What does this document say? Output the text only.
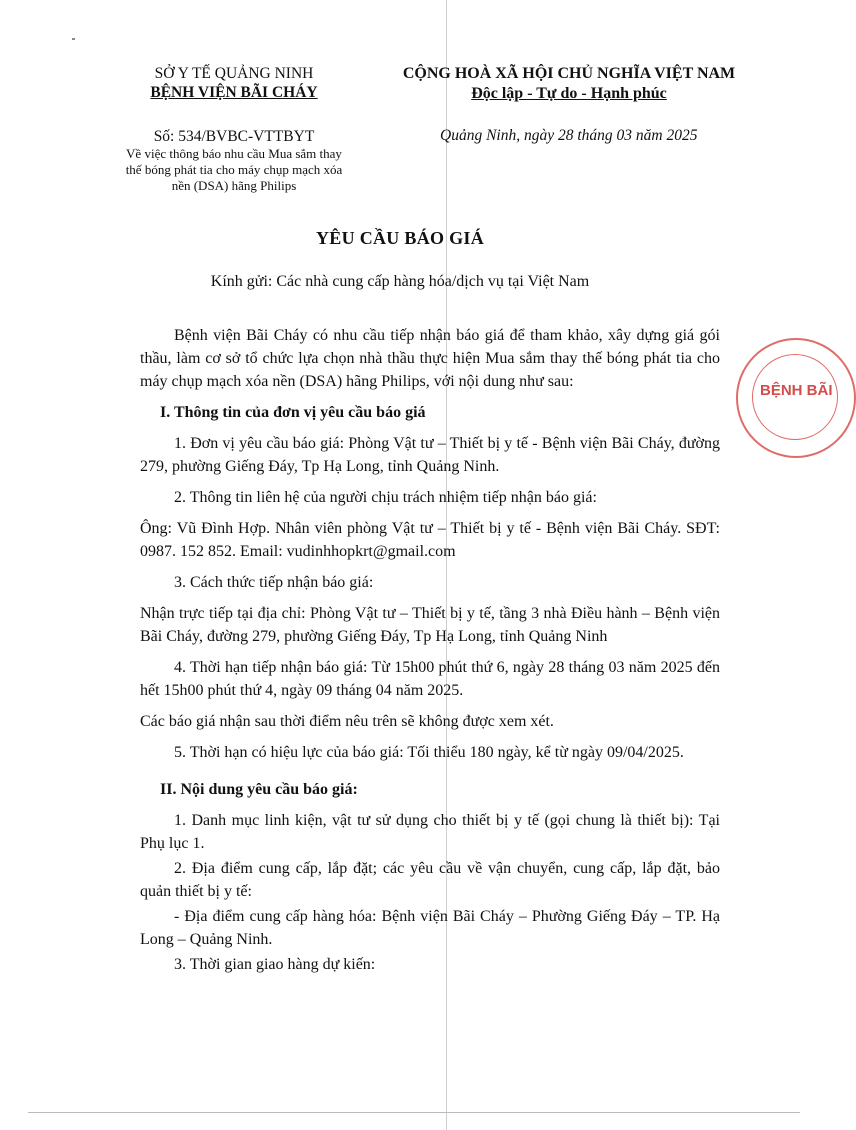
SỞ Y TẾ QUẢNG NINH
BỆNH VIỆN BÃI CHÁY
CỘNG HOÀ XÃ HỘI CHỦ NGHĨA VIỆT NAM
Độc lập - Tự do - Hạnh phúc
Số: 534/BVBC-VTTBYT
Về việc thông báo nhu cầu Mua sắm thay thế bóng phát tia cho máy chụp mạch xóa nền (DSA) hãng Philips
Quảng Ninh, ngày 28 tháng 03 năm 2025
YÊU CẦU BÁO GIÁ
Kính gửi: Các nhà cung cấp hàng hóa/dịch vụ tại Việt Nam

Bệnh viện Bãi Cháy có nhu cầu tiếp nhận báo giá để tham khảo, xây dựng giá gói thầu, làm cơ sở tổ chức lựa chọn nhà thầu thực hiện Mua sắm thay thế bóng phát tia cho máy chụp mạch xóa nền (DSA) hãng Philips, với nội dung như sau:

I. Thông tin của đơn vị yêu cầu báo giá

1. Đơn vị yêu cầu báo giá: Phòng Vật tư – Thiết bị y tế - Bệnh viện Bãi Cháy, đường 279, phường Giếng Đáy, Tp Hạ Long, tỉnh Quảng Ninh.

2. Thông tin liên hệ của người chịu trách nhiệm tiếp nhận báo giá:

Ông: Vũ Đình Hợp. Nhân viên phòng Vật tư – Thiết bị y tế - Bệnh viện Bãi Cháy. SĐT: 0987. 152 852. Email: vudinhhopkrt@gmail.com

3. Cách thức tiếp nhận báo giá:

Nhận trực tiếp tại địa chỉ: Phòng Vật tư – Thiết bị y tế, tầng 3 nhà Điều hành – Bệnh viện Bãi Cháy, đường 279, phường Giếng Đáy, Tp Hạ Long, tỉnh Quảng Ninh

4. Thời hạn tiếp nhận báo giá: Từ 15h00 phút thứ 6, ngày 28 tháng 03 năm 2025 đến hết 15h00 phút thứ 4, ngày 09 tháng 04 năm 2025.

Các báo giá nhận sau thời điểm nêu trên sẽ không được xem xét.

5. Thời hạn có hiệu lực của báo giá: Tối thiểu 180 ngày, kể từ ngày 09/04/2025.

II. Nội dung yêu cầu báo giá:

1. Danh mục linh kiện, vật tư sử dụng cho thiết bị y tế (gọi chung là thiết bị): Tại Phụ lục 1.

2. Địa điểm cung cấp, lắp đặt; các yêu cầu về vận chuyển, cung cấp, lắp đặt, bảo quản thiết bị y tế:

- Địa điểm cung cấp hàng hóa: Bệnh viện Bãi Cháy – Phường Giếng Đáy – TP. Hạ Long – Quảng Ninh.

3. Thời gian giao hàng dự kiến:

BỆNH BÃI
